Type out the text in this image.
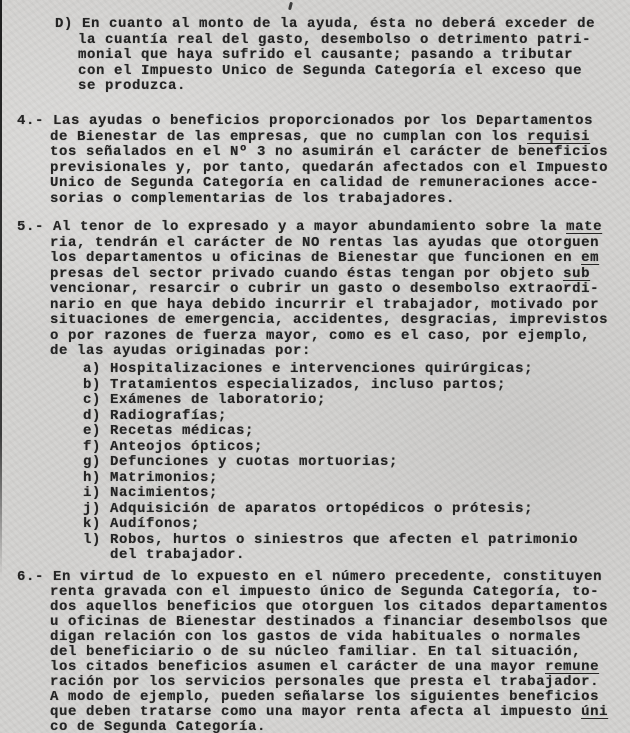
D) En cuanto al monto de la ayuda, ésta no deberá exceder de
la cuantía real del gasto, desembolso o detrimento patri-
monial que haya sufrido el causante; pasando a tributar
con el Impuesto Unico de Segunda Categoría el exceso que
se produzca.
4.- Las ayudas o beneficios proporcionados por los Departamentos
de Bienestar de las empresas, que no cumplan con los requisi
tos señalados en el Nº 3 no asumirán el carácter de beneficios
previsionales y, por tanto, quedarán afectados con el Impuesto
Unico de Segunda Categoría en calidad de remuneraciones acce-
sorias o complementarias de los trabajadores.
5.- Al tenor de lo expresado y a mayor abundamiento sobre la mate
ria, tendrán el carácter de NO rentas las ayudas que otorguen
los departamentos u oficinas de Bienestar que funcionen en em
presas del sector privado cuando éstas tengan por objeto sub
vencionar, resarcir o cubrir un gasto o desembolso extraordi-
nario en que haya debido incurrir el trabajador, motivado por
situaciones de emergencia, accidentes, desgracias, imprevistos
o por razones de fuerza mayor, como es el caso, por ejemplo,
de las ayudas originadas por:
a) Hospitalizaciones e intervenciones quirúrgicas;
b) Tratamientos especializados, incluso partos;
c) Exámenes de laboratorio;
d) Radiografías;
e) Recetas médicas;
f) Anteojos ópticos;
g) Defunciones y cuotas mortuorias;
h) Matrimonios;
i) Nacimientos;
j) Adquisición de aparatos ortopédicos o prótesis;
k) Audífonos;
l) Robos, hurtos o siniestros que afecten el patrimonio
del trabajador.
6.- En virtud de lo expuesto en el número precedente, constituyen
renta gravada con el impuesto único de Segunda Categoría, to-
dos aquellos beneficios que otorguen los citados departamentos
u oficinas de Bienestar destinados a financiar desembolsos que
digan relación con los gastos de vida habituales o normales
del beneficiario o de su núcleo familiar. En tal situación,
los citados beneficios asumen el carácter de una mayor remune
ración por los servicios personales que presta el trabajador.
A modo de ejemplo, pueden señalarse los siguientes beneficios
que deben tratarse como una mayor renta afecta al impuesto úni
co de Segunda Categoría.
